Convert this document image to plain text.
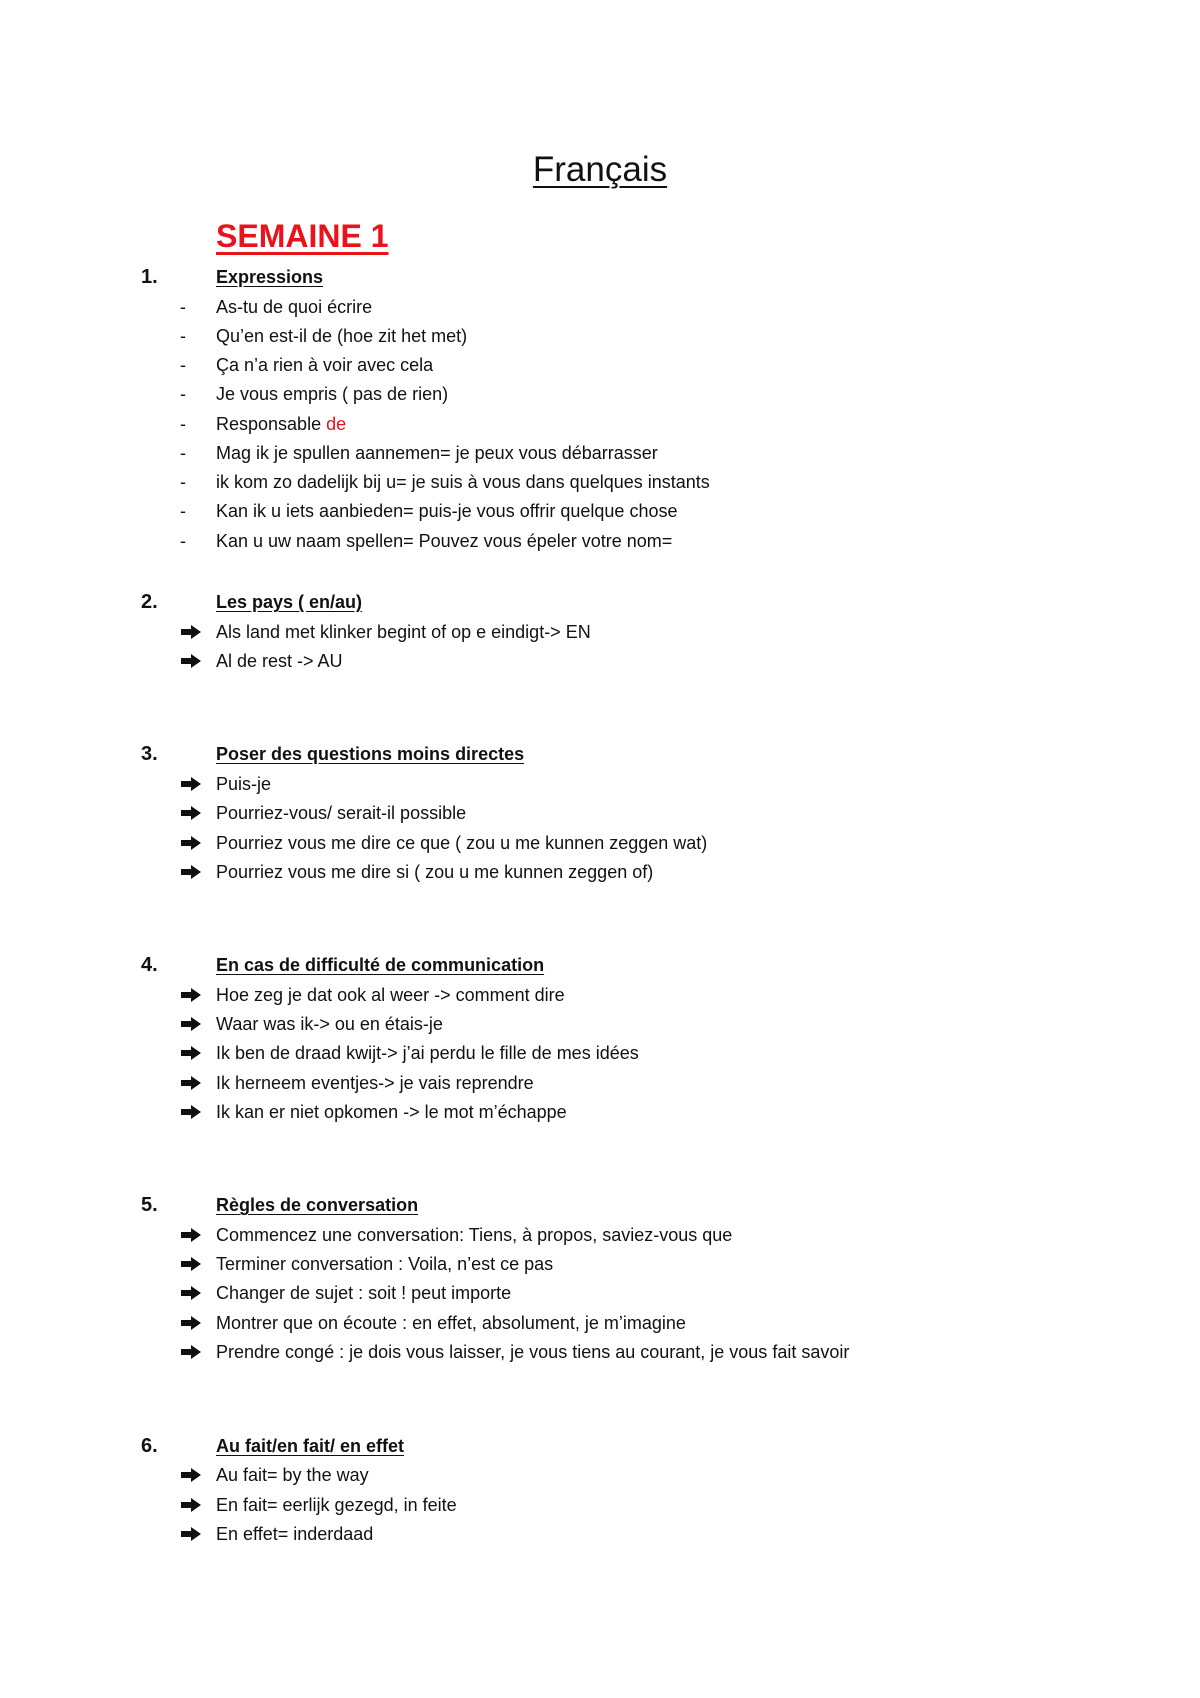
Français
SEMAINE 1
1.	Expressions
-	As-tu de quoi écrire
-	Qu’en est-il de (hoe zit het met)
-	Ça n’a rien à voir avec cela
-	Je vous empris ( pas de rien)
-	Responsable de
-	Mag ik je spullen aannemen= je peux vous débarrasser
-	ik kom zo dadelijk bij u= je suis à vous dans quelques instants
-	Kan ik u iets aanbieden= puis-je vous offrir quelque chose
-	Kan u uw naam spellen= Pouvez vous épeler votre nom=
2.	Les pays ( en/au)
Als land met klinker begint of op e eindigt-> EN
Al de rest -> AU
3.	Poser des questions moins directes
Puis-je
Pourriez-vous/ serait-il possible
Pourriez vous me dire ce que ( zou u me kunnen zeggen wat)
Pourriez vous me dire si ( zou u me kunnen zeggen of)
4.	En cas de difficulté de communication
Hoe zeg je dat ook al weer -> comment dire
Waar was ik-> ou en étais-je
Ik ben de draad kwijt-> j’ai perdu le fille de mes idées
Ik herneem eventjes-> je vais reprendre
Ik kan er niet opkomen -> le mot m’échappe
5.	Règles de conversation
Commencez une conversation: Tiens, à propos, saviez-vous que
Terminer conversation : Voila, n’est ce pas
Changer de sujet : soit ! peut importe
Montrer que on écoute : en effet, absolument, je m’imagine
Prendre congé : je dois vous laisser, je vous tiens au courant, je vous fait savoir
6.	Au fait/en fait/ en effet
Au fait= by the way
En fait= eerlijk gezegd, in feite
En effet= inderdaad
